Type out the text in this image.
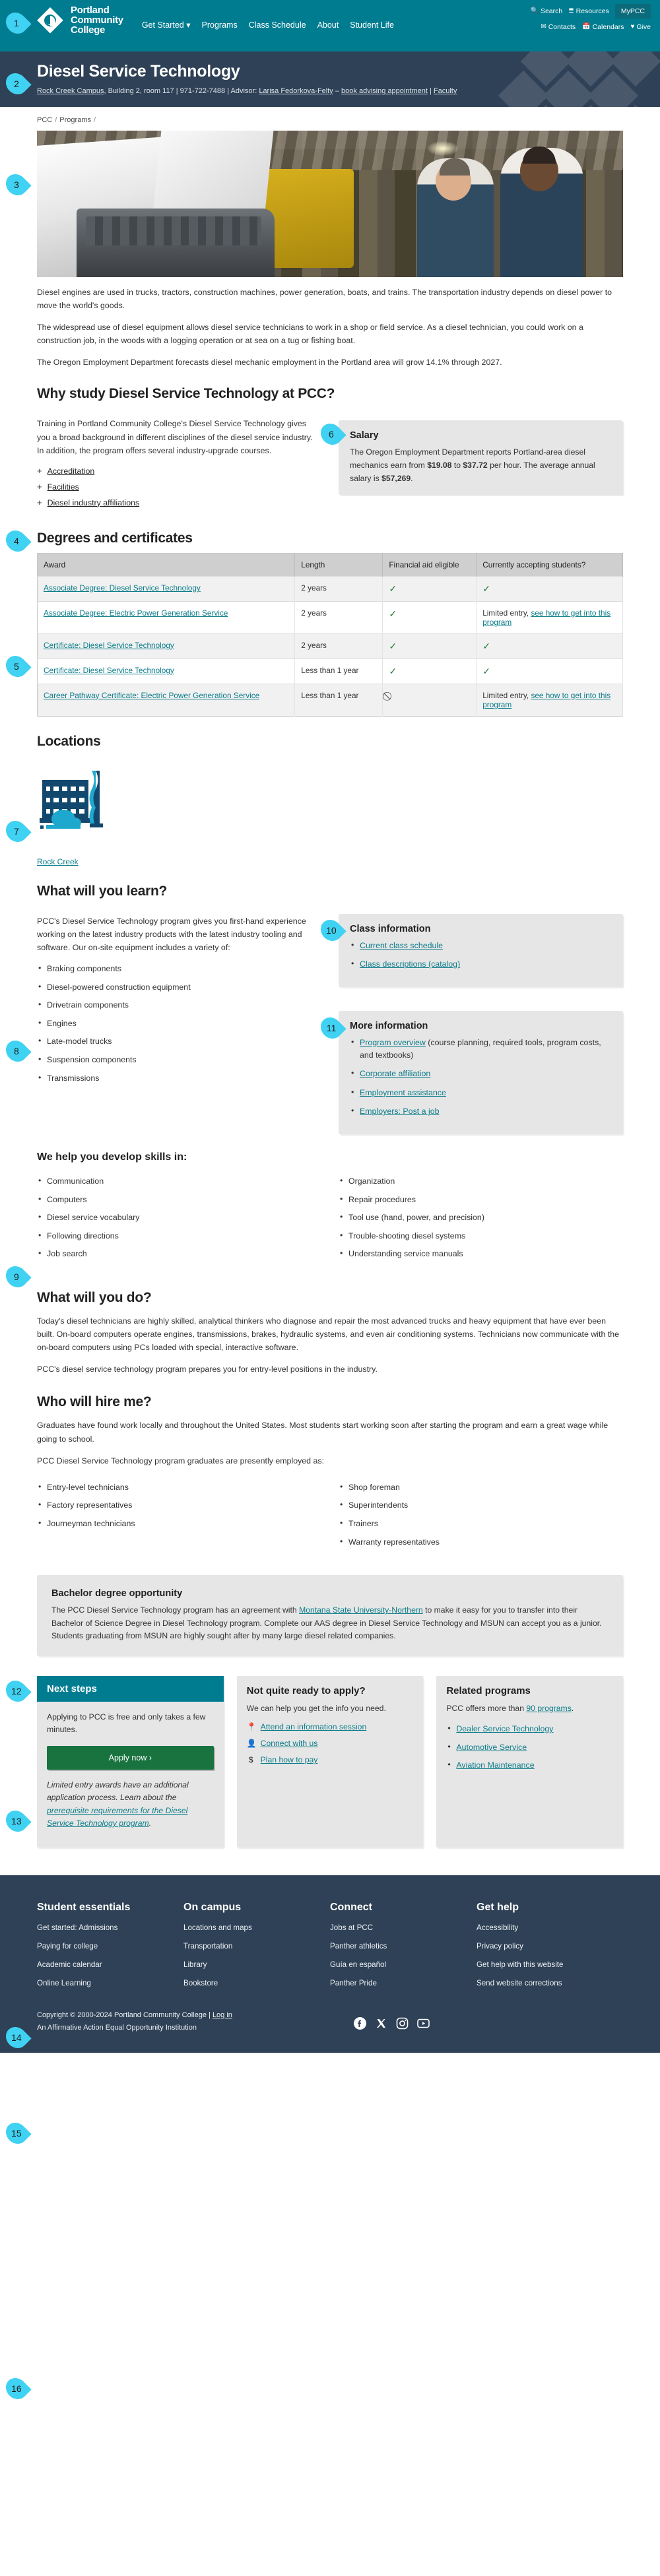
1
Portland
Community
College	Get Started ▾ Programs Class Schedule About Student Life
🔍 Search ≣ Resources	MyPCC
✉ Contacts 📅 Calendars ♥ Give
2
Diesel Service Technology
Rock Creek Campus, Building 2, room 117 | 971-722-7488 | Advisor: Larisa Fedorkova-Felty – book advising appointment | Faculty
PCC / Programs /
3
4

Diesel engines are used in trucks, tractors, construction machines, power generation, boats, and trains. The transportation industry depends on diesel power to move the world's goods.

The widespread use of diesel equipment allows diesel service technicians to work in a shop or field service. As a diesel technician, you could work on a construction job, in the woods with a logging operation or at sea on a tug or fishing boat.

The Oregon Employment Department forecasts diesel mechanic employment in the Portland area will grow 14.1% through 2027.

5
Why study Diesel Service Technology at PCC?

Training in Portland Community College's Diesel Service Technology gives you a broad background in different disciplines of the diesel service industry. In addition, the program offers several industry-upgrade courses.

+ Accreditation
+ Facilities
+ Diesel industry affiliations
6 Salary

The Oregon Employment Department reports Portland-area diesel mechanics earn from $19.08 to $37.72 per hour. The average annual salary is $57,269.

7
Degrees and certificates
Award	Length	Financial aid eligible	Currently accepting students?
Associate Degree: Diesel Service Technology	2 years	✓	✓
Associate Degree: Electric Power Generation Service	2 years	✓	Limited entry, see how to get into this program
Certificate: Diesel Service Technology	2 years	✓	✓
Certificate: Diesel Service Technology	Less than 1 year	✓	✓
Career Pathway Certificate: Electric Power Generation Service	Less than 1 year		Limited entry, see how to get into this program
8
Locations
Rock Creek
9
What will you learn?

PCC's Diesel Service Technology program gives you first-hand experience working on the latest industry products with the latest industry tooling and software. Our on-site equipment includes a variety of:

• Braking components
• Diesel-powered construction equipment
• Drivetrain components
• Engines
• Late-model trucks
• Suspension components
• Transmissions
10 Class information
• Current class schedule
• Class descriptions (catalog)
11 More information
• Program overview (course planning, required tools, program costs, and textbooks)
• Corporate affiliation
• Employment assistance
• Employers: Post a job
We help you develop skills in:
• Communication
• Computers
• Diesel service vocabulary
• Following directions
• Job search
• Organization
• Repair procedures
• Tool use (hand, power, and precision)
• Trouble-shooting diesel systems
• Understanding service manuals
12
What will you do?

Today's diesel technicians are highly skilled, analytical thinkers who diagnose and repair the most advanced trucks and heavy equipment that have ever been built. On-board computers operate engines, transmissions, brakes, hydraulic systems, and even air conditioning systems. Technicians now communicate with the on-board computers using PCs loaded with special, interactive software.

PCC's diesel service technology program prepares you for entry-level positions in the industry.

13
Who will hire me?

Graduates have found work locally and throughout the United States. Most students start working soon after starting the program and earn a great wage while going to school.

PCC Diesel Service Technology program graduates are presently employed as:

• Entry-level technicians
• Factory representatives
• Journeyman technicians
• Shop foreman
• Superintendents
• Trainers
• Warranty representatives
14
Bachelor degree opportunity

The PCC Diesel Service Technology program has an agreement with Montana State University-Northern to make it easy for you to transfer into their Bachelor of Science Degree in Diesel Technology program. Complete our AAS degree in Diesel Service Technology and MSUN can accept you as a junior. Students graduating from MSUN are highly sought after by many large diesel related companies.

15
Next steps

Applying to PCC is free and only takes a few minutes.

Apply now ›

Limited entry awards have an additional application process. Learn about the prerequisite requirements for the Diesel Service Technology program.

Not quite ready to apply?

We can help you get the info you need.

📍 Attend an information session
👤 Connect with us
$ Plan how to pay
Related programs

PCC offers more than 90 programs.

• Dealer Service Technology
• Automotive Service
• Aviation Maintenance
16
Student essentials
Get started: Admissions
Paying for college
Academic calendar
Online Learning
On campus
Locations and maps
Transportation
Library
Bookstore
Connect
Jobs at PCC
Panther athletics
Guía en español
Panther Pride
Get help
Accessibility
Privacy policy
Get help with this website
Send website corrections
Copyright © 2000-2024 Portland Community College | Log in
An Affirmative Action Equal Opportunity Institution
